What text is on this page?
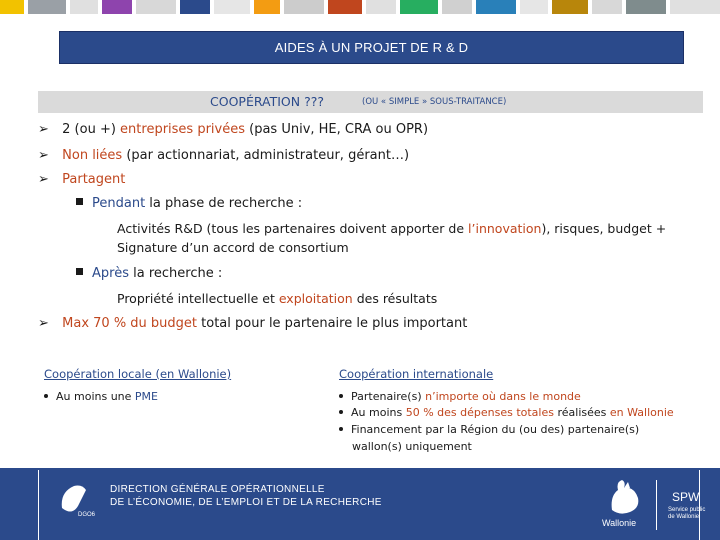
AIDES À UN PROJET DE R & D
COOPÉRATION ???	(OU « SIMPLE » SOUS-TRAITANCE)
➢ 2 (ou +) entreprises privées (pas Univ, HE, CRA ou OPR)
➢ Non liées (par actionnariat, administrateur, gérant…)
➢ Partagent
Pendant la phase de recherche :
Activités R&D (tous les partenaires doivent apporter de l’innovation), risques, budget +
Signature d’un accord de consortium
Après la recherche :
Propriété intellectuelle et exploitation des résultats
➢ Max 70 % du budget total pour le partenaire le plus important
Coopération locale (en Wallonie)
Au moins une PME
Coopération internationale
Partenaire(s) n’importe où dans le monde
Au moins 50 % des dépenses totales réalisées en Wallonie
Financement par la Région du (ou des) partenaire(s)
wallon(s) uniquement
DGO6
DIRECTION GÉNÉRALE OPÉRATIONNELLE
DE L’ÉCONOMIE, DE L’EMPLOI ET DE LA RECHERCHE
Wallonie
SPW
Service public
de Wallonie
